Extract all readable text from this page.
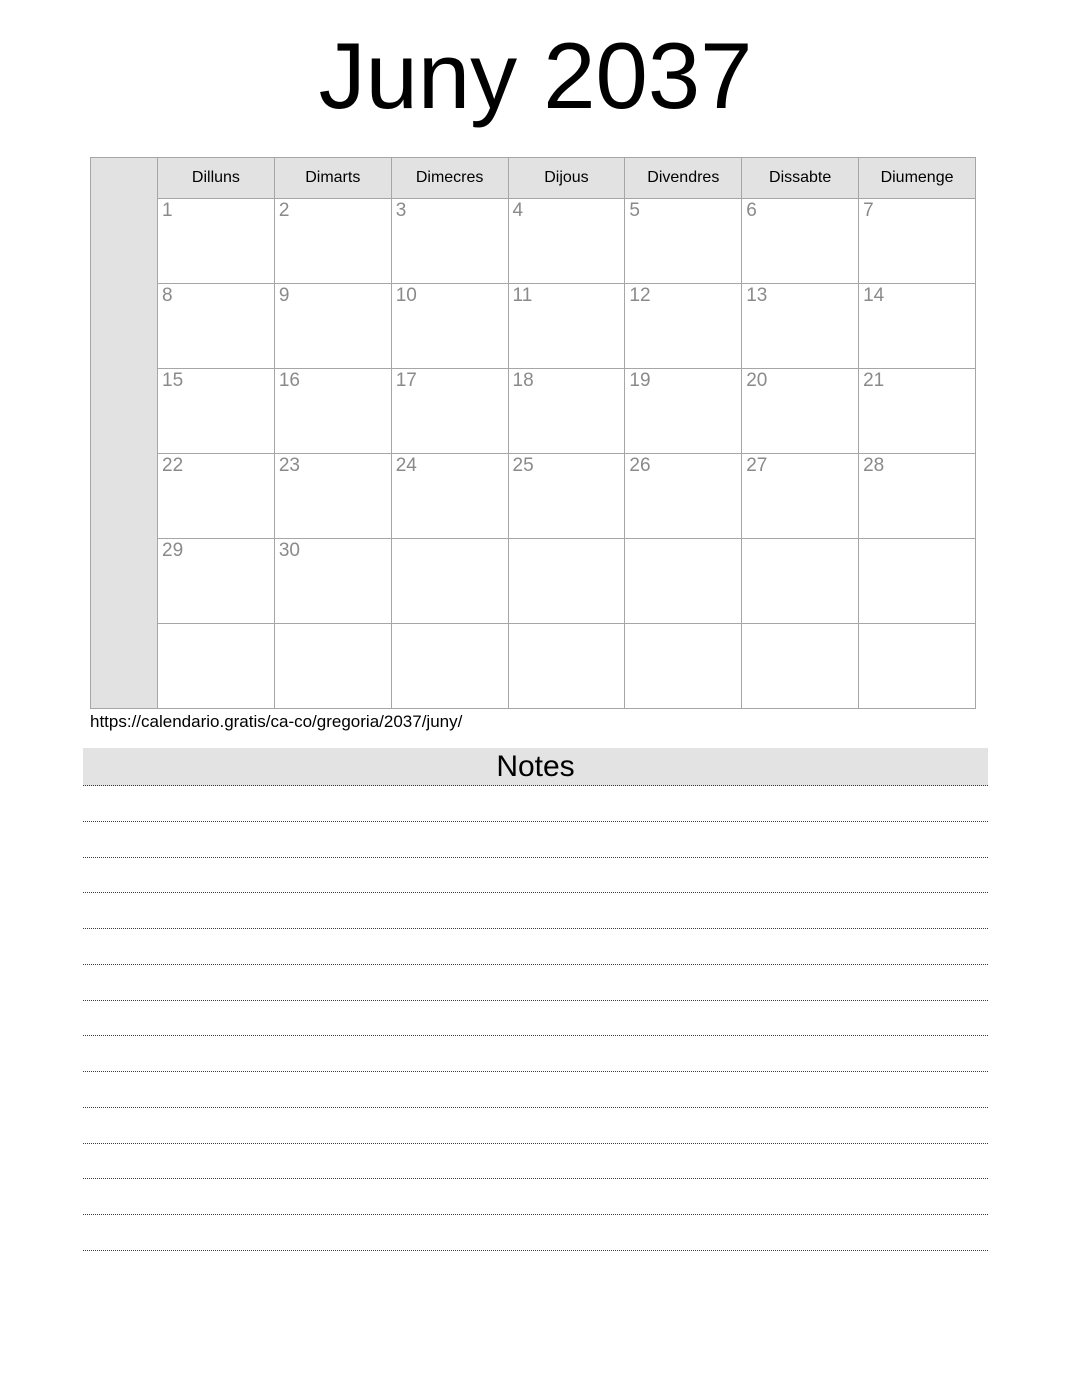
Juny 2037
	Dilluns	Dimarts	Dimecres	Dijous	Divendres	Dissabte	Diumenge
	1	2	3	4	5	6	7
	8	9	10	11	12	13	14
	15	16	17	18	19	20	21
	22	23	24	25	26	27	28
	29	30					

https://calendario.gratis/ca-co/gregoria/2037/juny/
Notes
